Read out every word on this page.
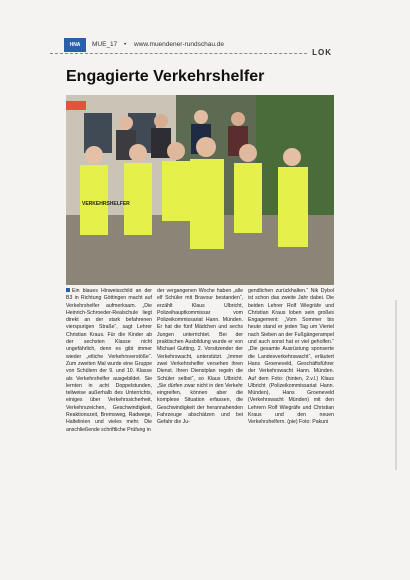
HNA	MUE_17 • www.muendener-rundschau.de
LOK
Engagierte Verkehrshelfer
VERKEHRSHELFER
Ein blaues Hinweisschild an der B3 in Richtung Göttingen macht auf Verkehrshelfer aufmerksam. „Die Heinrich-Schroeder-Realschule liegt direkt an der stark befahrenen vierspurigen Straße“, sagt Lehrer Christian Kraus. Für die Kinder ab der sechsten Klasse nicht ungefährlich, denn es gibt immer wieder „etliche Verkehrsverstöße“. Zum zweiten Mal wurde eine Gruppe von Schülern der 9. und 10. Klasse als Verkehrshelfer ausgebildet. Sie lernten in acht Doppelstunden, teilweise außerhalb des Unterrichts, einiges über Verkehrssicherheit, Verkehrszeichen, Geschwindigkeit, Reaktionszeit, Bremsweg, Radwege, Haltelinien und vieles mehr. Die anschließende schriftliche Prüfung in
der vergangenen Woche haben „alle elf Schüler mit Bravour bestanden“, erzählt Klaus Ulbricht, Polizeihauptkommissar vom Polizeikommissariat Hann. Münden. Er hat die fünf Mädchen und sechs Jungen unterrichtet. Bei der praktischen Ausbildung wurde er von Michael Gutting, 2. Vorsitzender der Verkehrswacht, unterstützt. „Immer zwei Verkehrshelfer versehen ihren Dienst. Ihren Dienstplan regeln die Schüler selbst“, so Klaus Ulbricht. „Sie dürfen zwar nicht in den Verkehr eingreifen, können aber die komplexe Situation erfassen, die Geschwindigkeit der herannahenden Fahrzeuge abschätzen und bei Gefahr die Ju-
gendlichen zurückhalten.“ Nik Dybol ist schon das zweite Jahr dabei. Die beiden Lehrer Rolf Wiegräfe und Christian Kraus loben sein großes Engagement: „Vom Sommer bis heute stand er jeden Tag um Viertel nach Sieben an der Fußgängerampel und auch sonst hat er viel geholfen.“ „Die gesamte Ausrüstung sponserte die Landesverkehrswacht“, erläutert Hans Groeneveld, Geschäftsführer der Verkehrswacht Hann. Münden. Auf dem Foto: (hinten, 2.v.l.) Klaus Ulbricht (Polizeikommissariat Hann. Münden), Hans Groeneveld (Verkehrswacht Münden) mit den Lehrern Rolf Wiegräfe und Christian Kraus und den neuen Verkehrshelfern. (pie) Foto: Pakuni
